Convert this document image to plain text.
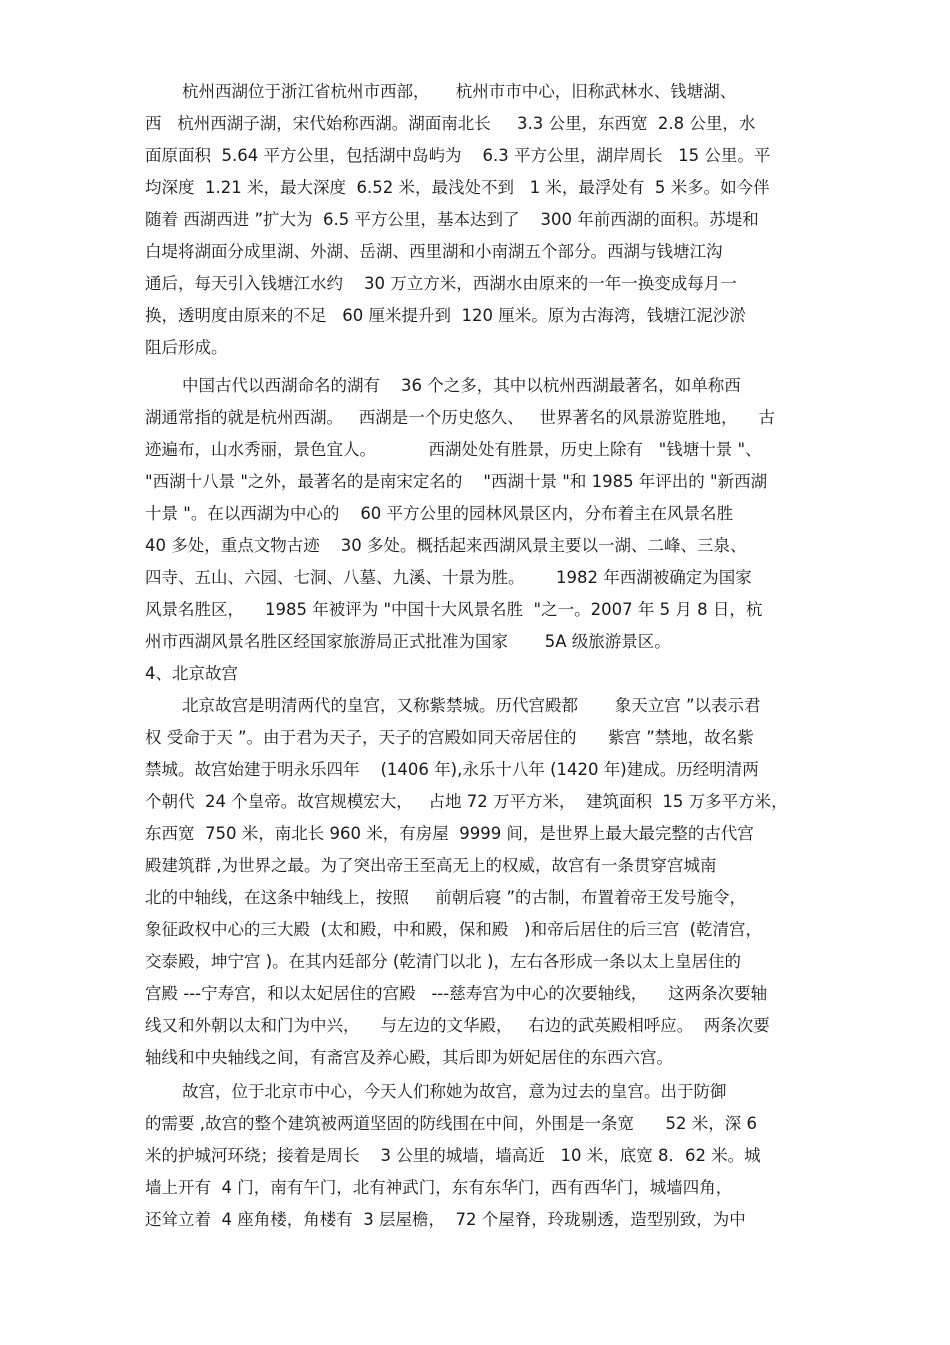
杭州西湖位于浙江省杭州市西部，     杭州市市中心，旧称武林水、钱塘湖、
西   杭州西湖子湖，宋代始称西湖。湖面南北长     3.3 公里，东西宽  2.8 公里，水
面原面积  5.64 平方公里，包括湖中岛屿为    6.3 平方公里，湖岸周长   15 公里。平
均深度  1.21 米，最大深度  6.52 米，最浅处不到   1 米，最浮处有  5 米多。如今伴
随着 西湖西进 ”扩大为  6.5 平方公里，基本达到了    300 年前西湖的面积。苏堤和
白堤将湖面分成里湖、外湖、岳湖、西里湖和小南湖五个部分。西湖与钱塘江沟
通后，每天引入钱塘江水约    30 万立方米，西湖水由原来的一年一换变成每月一
换，透明度由原来的不足   60 厘米提升到  120 厘米。原为古海湾，钱塘江泥沙淤
阻后形成。
中国古代以西湖命名的湖有    36 个之多，其中以杭州西湖最著名，如单称西
湖通常指的就是杭州西湖。   西湖是一个历史悠久、   世界著名的风景游览胜地，    古
迹遍布，山水秀丽，景色宜人。          西湖处处有胜景，历史上除有   "钱塘十景 "、
"西湖十八景 "之外，最著名的是南宋定名的    "西湖十景 "和 1985 年评出的 "新西湖
十景 "。在以西湖为中心的    60 平方公里的园林风景区内，分布着主在风景名胜
40 多处，重点文物古迹    30 多处。概括起来西湖风景主要以一湖、二峰、三泉、
四寺、五山、六园、七洞、八墓、九溪、十景为胜。      1982 年西湖被确定为国家
风景名胜区，    1985 年被评为 "中国十大风景名胜  "之一。2007 年 5 月 8 日，杭
州市西湖风景名胜区经国家旅游局正式批准为国家       5A 级旅游景区。
4、北京故宫
北京故宫是明清两代的皇宫，又称紫禁城。历代宫殿都       象天立宫 ”以表示君
权 受命于天 ”。由于君为天子，天子的宫殿如同天帝居住的      紫宫 ”禁地，故名紫
禁城。故宫始建于明永乐四年    (1406 年),永乐十八年 (1420 年)建成。历经明清两
个朝代  24 个皇帝。故宫规模宏大，   占地 72 万平方米，  建筑面积  15 万多平方米，
东西宽  750 米，南北长 960 米，有房屋  9999 间，是世界上最大最完整的古代宫
殿建筑群 ,为世界之最。为了突出帝王至高无上的权威，故宫有一条贯穿宫城南
北的中轴线，在这条中轴线上，按照     前朝后寝 ”的古制，布置着帝王发号施令，
象征政权中心的三大殿  (太和殿，中和殿，保和殿   )和帝后居住的后三宫  (乾清宫，
交泰殿，坤宁宫 )。在其内廷部分 (乾清门以北 )，左右各形成一条以太上皇居住的
宫殿 ---宁寿宫，和以太妃居住的宫殿   ---慈寿宫为中心的次要轴线，    这两条次要轴
线又和外朝以太和门为中兴，    与左边的文华殿，   右边的武英殿相呼应。  两条次要
轴线和中央轴线之间，有斋宫及养心殿，其后即为妍妃居住的东西六宫。
故宫，位于北京市中心，今天人们称她为故宫，意为过去的皇宫。出于防御
的需要 ,故宫的整个建筑被两道坚固的防线围在中间，外围是一条宽      52 米，深 6
米的护城河环绕；接着是周长    3 公里的城墙，墙高近   10 米，底宽 8．62 米。城
墙上开有  4 门，南有午门，北有神武门，东有东华门，西有西华门，城墙四角，
还耸立着  4 座角楼，角楼有  3 层屋檐，  72 个屋脊，玲珑剔透，造型别致，为中
